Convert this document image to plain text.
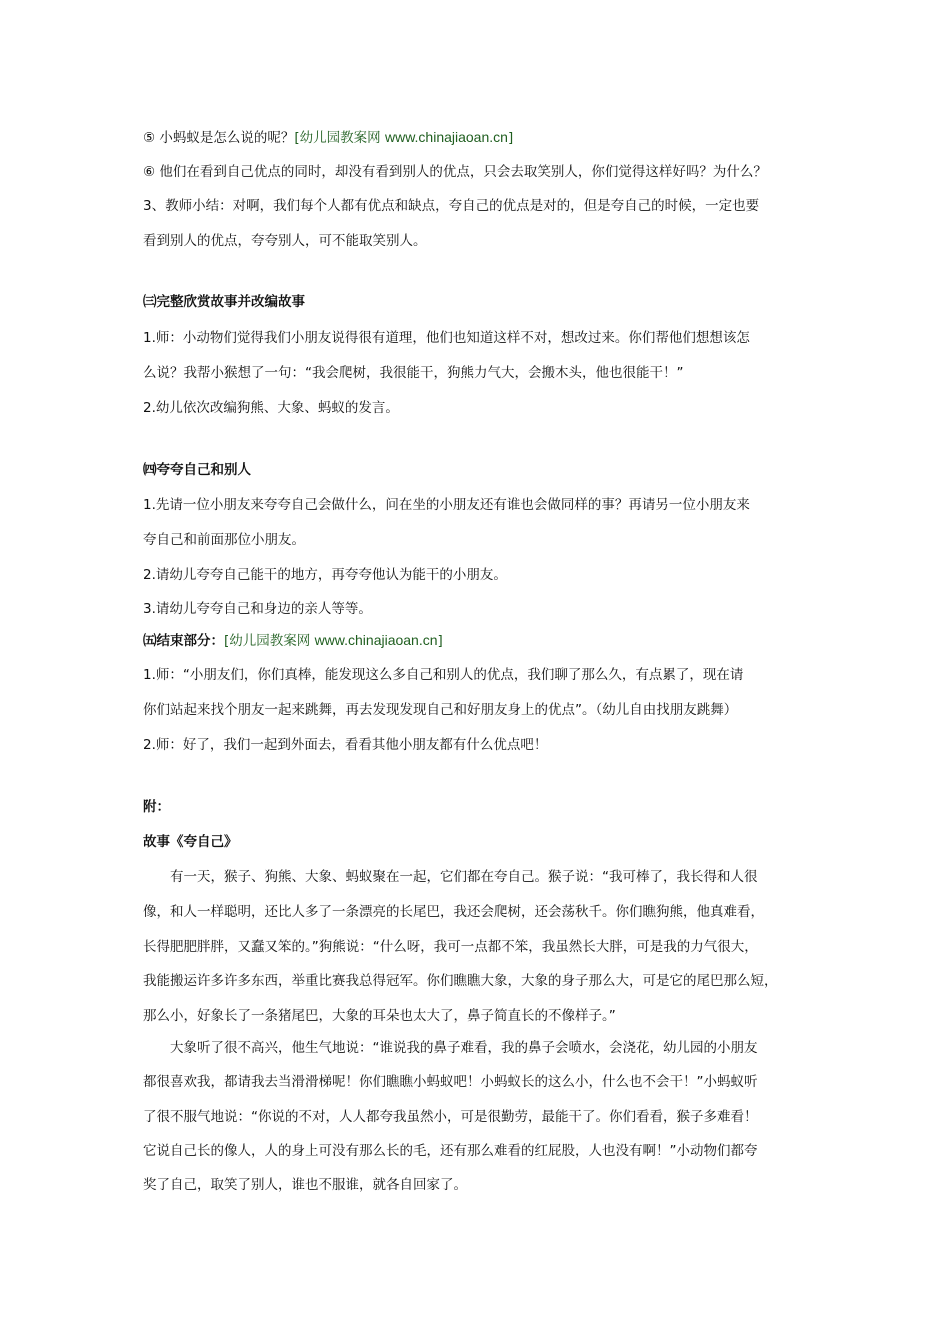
⑤ 小蚂蚁是怎么说的呢？[幼儿园教案网 www.chinajiaoan.cn]
⑥ 他们在看到自己优点的同时，却没有看到别人的优点，只会去取笑别人，你们觉得这样好吗？为什么？
3、教师小结：对啊，我们每个人都有优点和缺点，夸自己的优点是对的，但是夸自己的时候，一定也要
看到别人的优点，夸夸别人，可不能取笑别人。
㈢完整欣赏故事并改编故事
1.师：小动物们觉得我们小朋友说得很有道理，他们也知道这样不对，想改过来。你们帮他们想想该怎
么说？我帮小猴想了一句：“我会爬树，我很能干，狗熊力气大，会搬木头，他也很能干！”
2.幼儿依次改编狗熊、大象、蚂蚁的发言。
㈣夸夸自己和别人
1.先请一位小朋友来夸夸自己会做什么，问在坐的小朋友还有谁也会做同样的事？再请另一位小朋友来
夸自己和前面那位小朋友。
2.请幼儿夸夸自己能干的地方，再夸夸他认为能干的小朋友。
3.请幼儿夸夸自己和身边的亲人等等。
㈤结束部分：[幼儿园教案网 www.chinajiaoan.cn]
1.师：“小朋友们，你们真棒，能发现这么多自己和别人的优点，我们聊了那么久，有点累了，现在请
你们站起来找个朋友一起来跳舞，再去发现发现自己和好朋友身上的优点”。（幼儿自由找朋友跳舞）
2.师：好了，我们一起到外面去，看看其他小朋友都有什么优点吧！
附：
故事《夸自己》
　　有一天，猴子、狗熊、大象、蚂蚁聚在一起，它们都在夸自己。猴子说：“我可棒了，我长得和人很
像，和人一样聪明，还比人多了一条漂亮的长尾巴，我还会爬树，还会荡秋千。你们瞧狗熊，他真难看，
长得肥肥胖胖，又蠢又笨的。”狗熊说：“什么呀，我可一点都不笨，我虽然长大胖，可是我的力气很大，
我能搬运许多许多东西，举重比赛我总得冠军。你们瞧瞧大象，大象的身子那么大，可是它的尾巴那么短，
那么小，好象长了一条猪尾巴，大象的耳朵也太大了，鼻子简直长的不像样子。”
　　大象听了很不高兴，他生气地说：“谁说我的鼻子难看，我的鼻子会喷水，会浇花，幼儿园的小朋友
都很喜欢我，都请我去当滑滑梯呢！你们瞧瞧小蚂蚁吧！小蚂蚁长的这么小，什么也不会干！”小蚂蚁听
了很不服气地说：“你说的不对，人人都夸我虽然小，可是很勤劳，最能干了。你们看看，猴子多难看！
它说自己长的像人，人的身上可没有那么长的毛，还有那么难看的红屁股，人也没有啊！”小动物们都夸
奖了自己，取笑了别人，谁也不服谁，就各自回家了。
